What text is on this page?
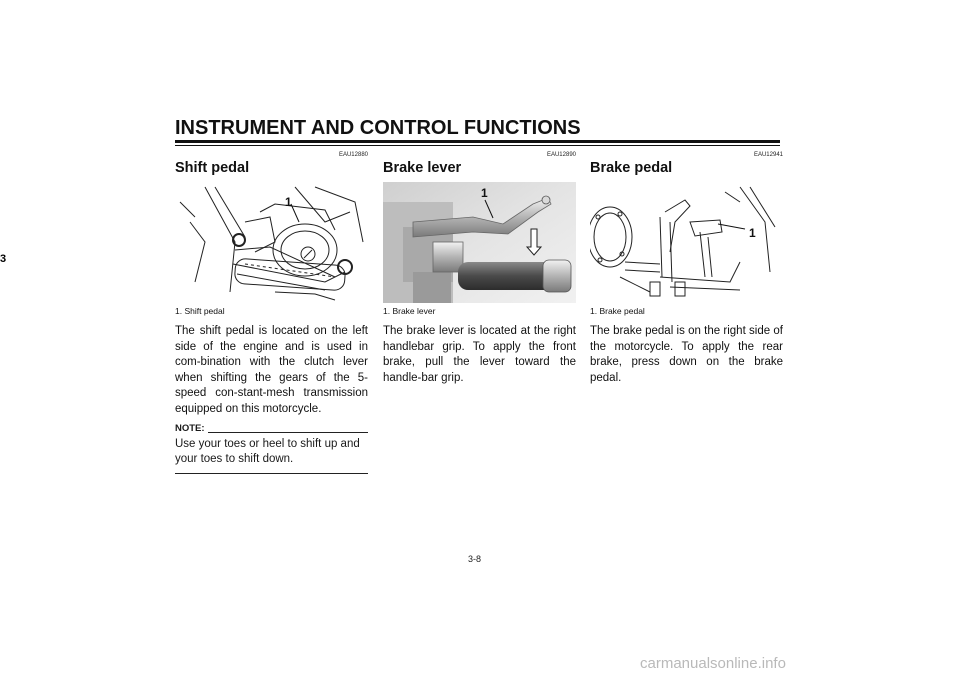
INSTRUMENT AND CONTROL FUNCTIONS
3
EAU12880
Shift pedal
1
1. Shift pedal
The shift pedal is located on the left side of the engine and is used in com-bination with the clutch lever when shifting the gears of the 5-speed con-stant-mesh transmission equipped on this motorcycle.
NOTE:
Use your toes or heel to shift up and your toes to shift down.
EAU12890
Brake lever
1
1. Brake lever
The brake lever is located at the right handlebar grip. To apply the front brake, pull the lever toward the handle-bar grip.
EAU12941
Brake pedal
1
1. Brake pedal
The brake pedal is on the right side of the motorcycle. To apply the rear brake, press down on the brake pedal.
3-8
carmanualsonline.info
